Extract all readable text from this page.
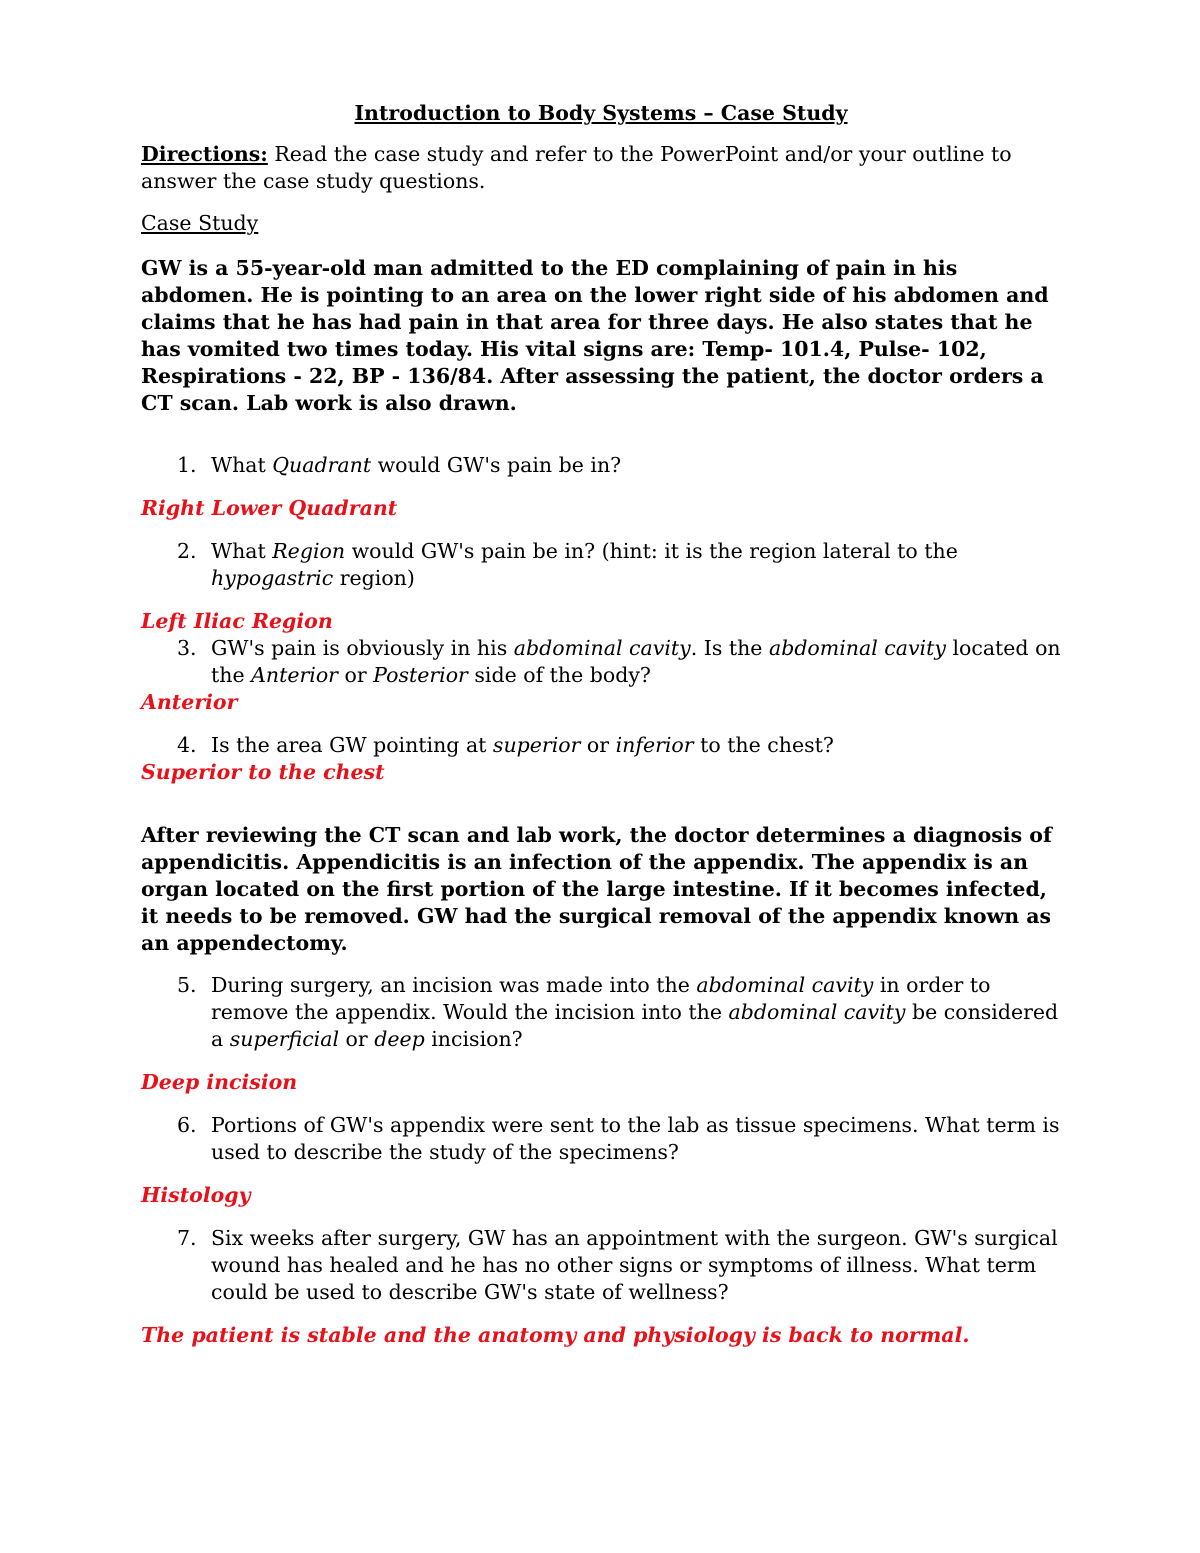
Introduction to Body Systems – Case Study

Directions: Read the case study and refer to the PowerPoint and/or your outline to answer the case study questions.

Case Study

GW is a 55-year-old man admitted to the ED complaining of pain in his abdomen. He is pointing to an area on the lower right side of his abdomen and claims that he has had pain in that area for three days. He also states that he has vomited two times today. His vital signs are: Temp- 101.4, Pulse- 102, Respirations - 22, BP - 136/84. After assessing the patient, the doctor orders a CT scan. Lab work is also drawn.

1. What Quadrant would GW's pain be in?

Right Lower Quadrant

2. What Region would GW's pain be in? (hint: it is the region lateral to the hypogastric region)

Left Iliac Region

3. GW's pain is obviously in his abdominal cavity. Is the abdominal cavity located on the Anterior or Posterior side of the body?

Anterior

4. Is the area GW pointing at superior or inferior to the chest?

Superior to the chest

After reviewing the CT scan and lab work, the doctor determines a diagnosis of appendicitis. Appendicitis is an infection of the appendix. The appendix is an organ located on the first portion of the large intestine. If it becomes infected, it needs to be removed. GW had the surgical removal of the appendix known as an appendectomy.

5. During surgery, an incision was made into the abdominal cavity in order to remove the appendix. Would the incision into the abdominal cavity be considered a superficial or deep incision?

Deep incision

6. Portions of GW's appendix were sent to the lab as tissue specimens. What term is used to describe the study of the specimens?

Histology

7. Six weeks after surgery, GW has an appointment with the surgeon. GW's surgical wound has healed and he has no other signs or symptoms of illness. What term could be used to describe GW's state of wellness?

The patient is stable and the anatomy and physiology is back to normal.
